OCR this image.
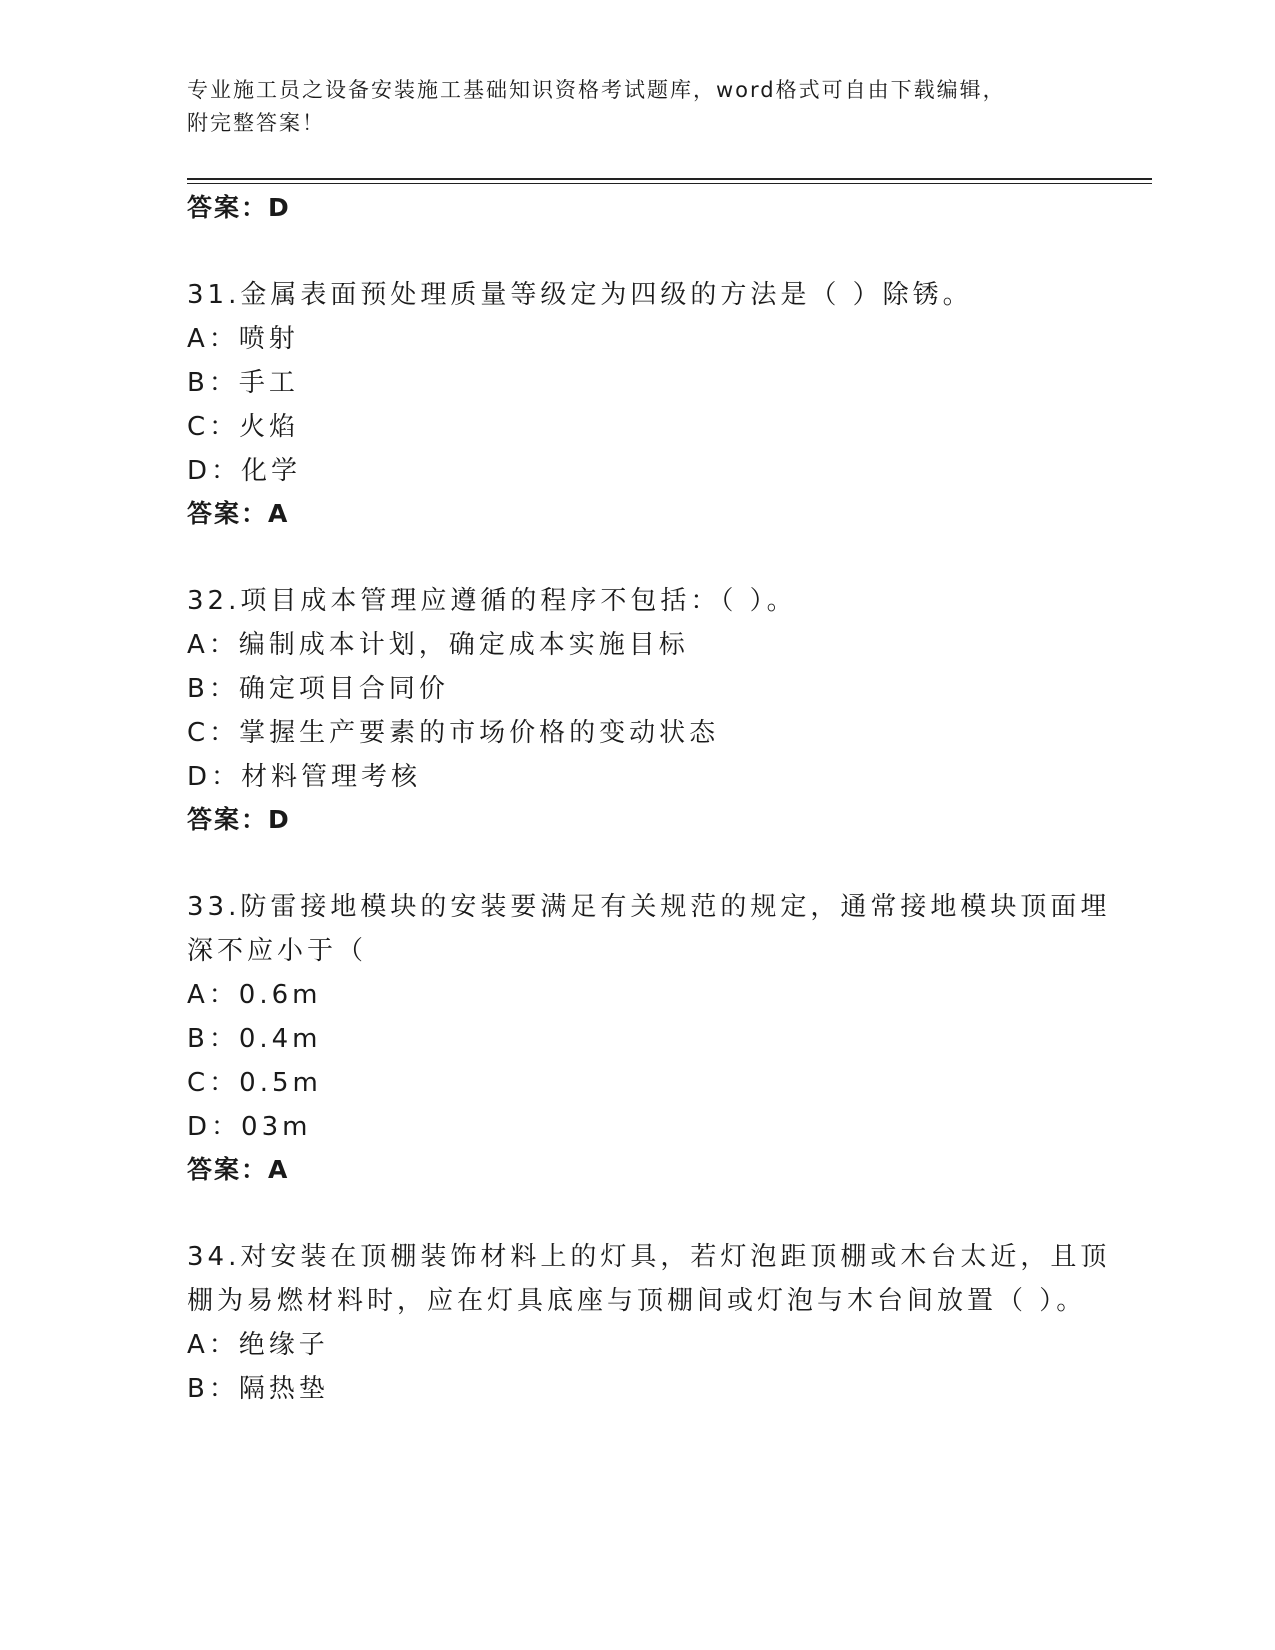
专业施工员之设备安装施工基础知识资格考试题库，word格式可自由下载编辑，
附完整答案！
答案：D
31.金属表面预处理质量等级定为四级的方法是（ ）除锈。
A：喷射
B：手工
C：火焰
D：化学
答案：A
32.项目成本管理应遵循的程序不包括：（ ）。
A：编制成本计划，确定成本实施目标
B：确定项目合同价
C：掌握生产要素的市场价格的变动状态
D：材料管理考核
答案：D
33.防雷接地模块的安装要满足有关规范的规定，通常接地模块顶面埋
深不应小于（
A：0.6m
B：0.4m
C：0.5m
D：03m
答案：A
34.对安装在顶棚装饰材料上的灯具，若灯泡距顶棚或木台太近，且顶
棚为易燃材料时，应在灯具底座与顶棚间或灯泡与木台间放置（ ）。
A：绝缘子
B：隔热垫
